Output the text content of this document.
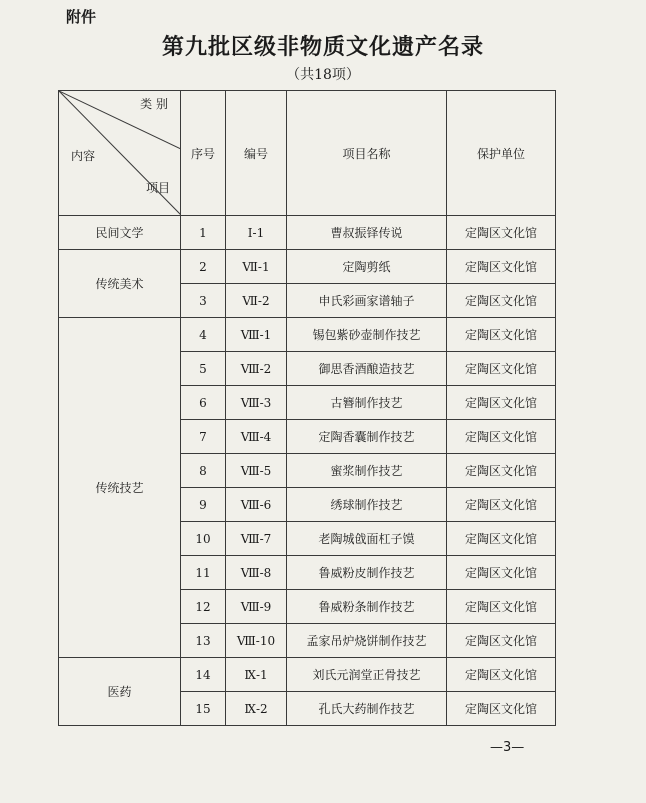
附件
第九批区级非物质文化遗产名录
（共18项）
类 别
内容
项目	序号	编号	项目名称	保护单位
民间文学	1	I-1	曹叔振铎传说	定陶区文化馆
传统美术	2	Ⅶ-1	定陶剪纸	定陶区文化馆
	3	Ⅶ-2	申氏彩画家谱轴子	定陶区文化馆
传统技艺	4	Ⅷ-1	锡包紫砂壶制作技艺	定陶区文化馆
	5	Ⅷ-2	御思香酒酿造技艺	定陶区文化馆
	6	Ⅷ-3	古簪制作技艺	定陶区文化馆
	7	Ⅷ-4	定陶香囊制作技艺	定陶区文化馆
	8	Ⅷ-5	蜜浆制作技艺	定陶区文化馆
	9	Ⅷ-6	绣球制作技艺	定陶区文化馆
	10	Ⅷ-7	老陶城戗面杠子馍	定陶区文化馆
	11	Ⅷ-8	鲁威粉皮制作技艺	定陶区文化馆
	12	Ⅷ-9	鲁威粉条制作技艺	定陶区文化馆
	13	Ⅷ-10	孟家吊炉烧饼制作技艺	定陶区文化馆
医药	14	Ⅸ-1	刘氏元润堂正骨技艺	定陶区文化馆
	15	Ⅸ-2	孔氏大药制作技艺	定陶区文化馆
—3—
